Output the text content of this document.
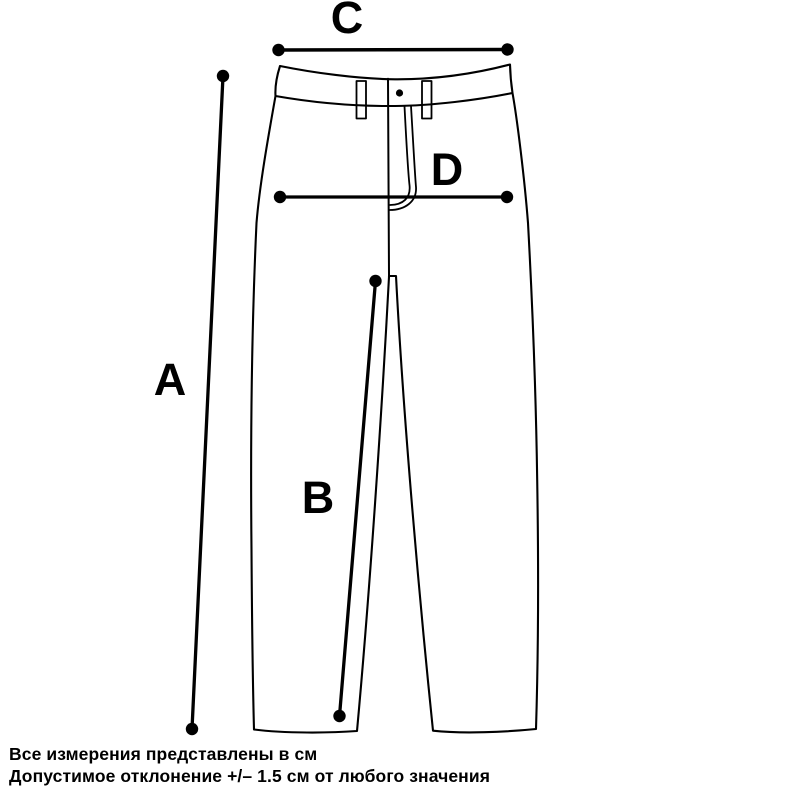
A
B
C
D
Все измерения представлены в см
Допустимое отклонение +/– 1.5 см от любого значения
